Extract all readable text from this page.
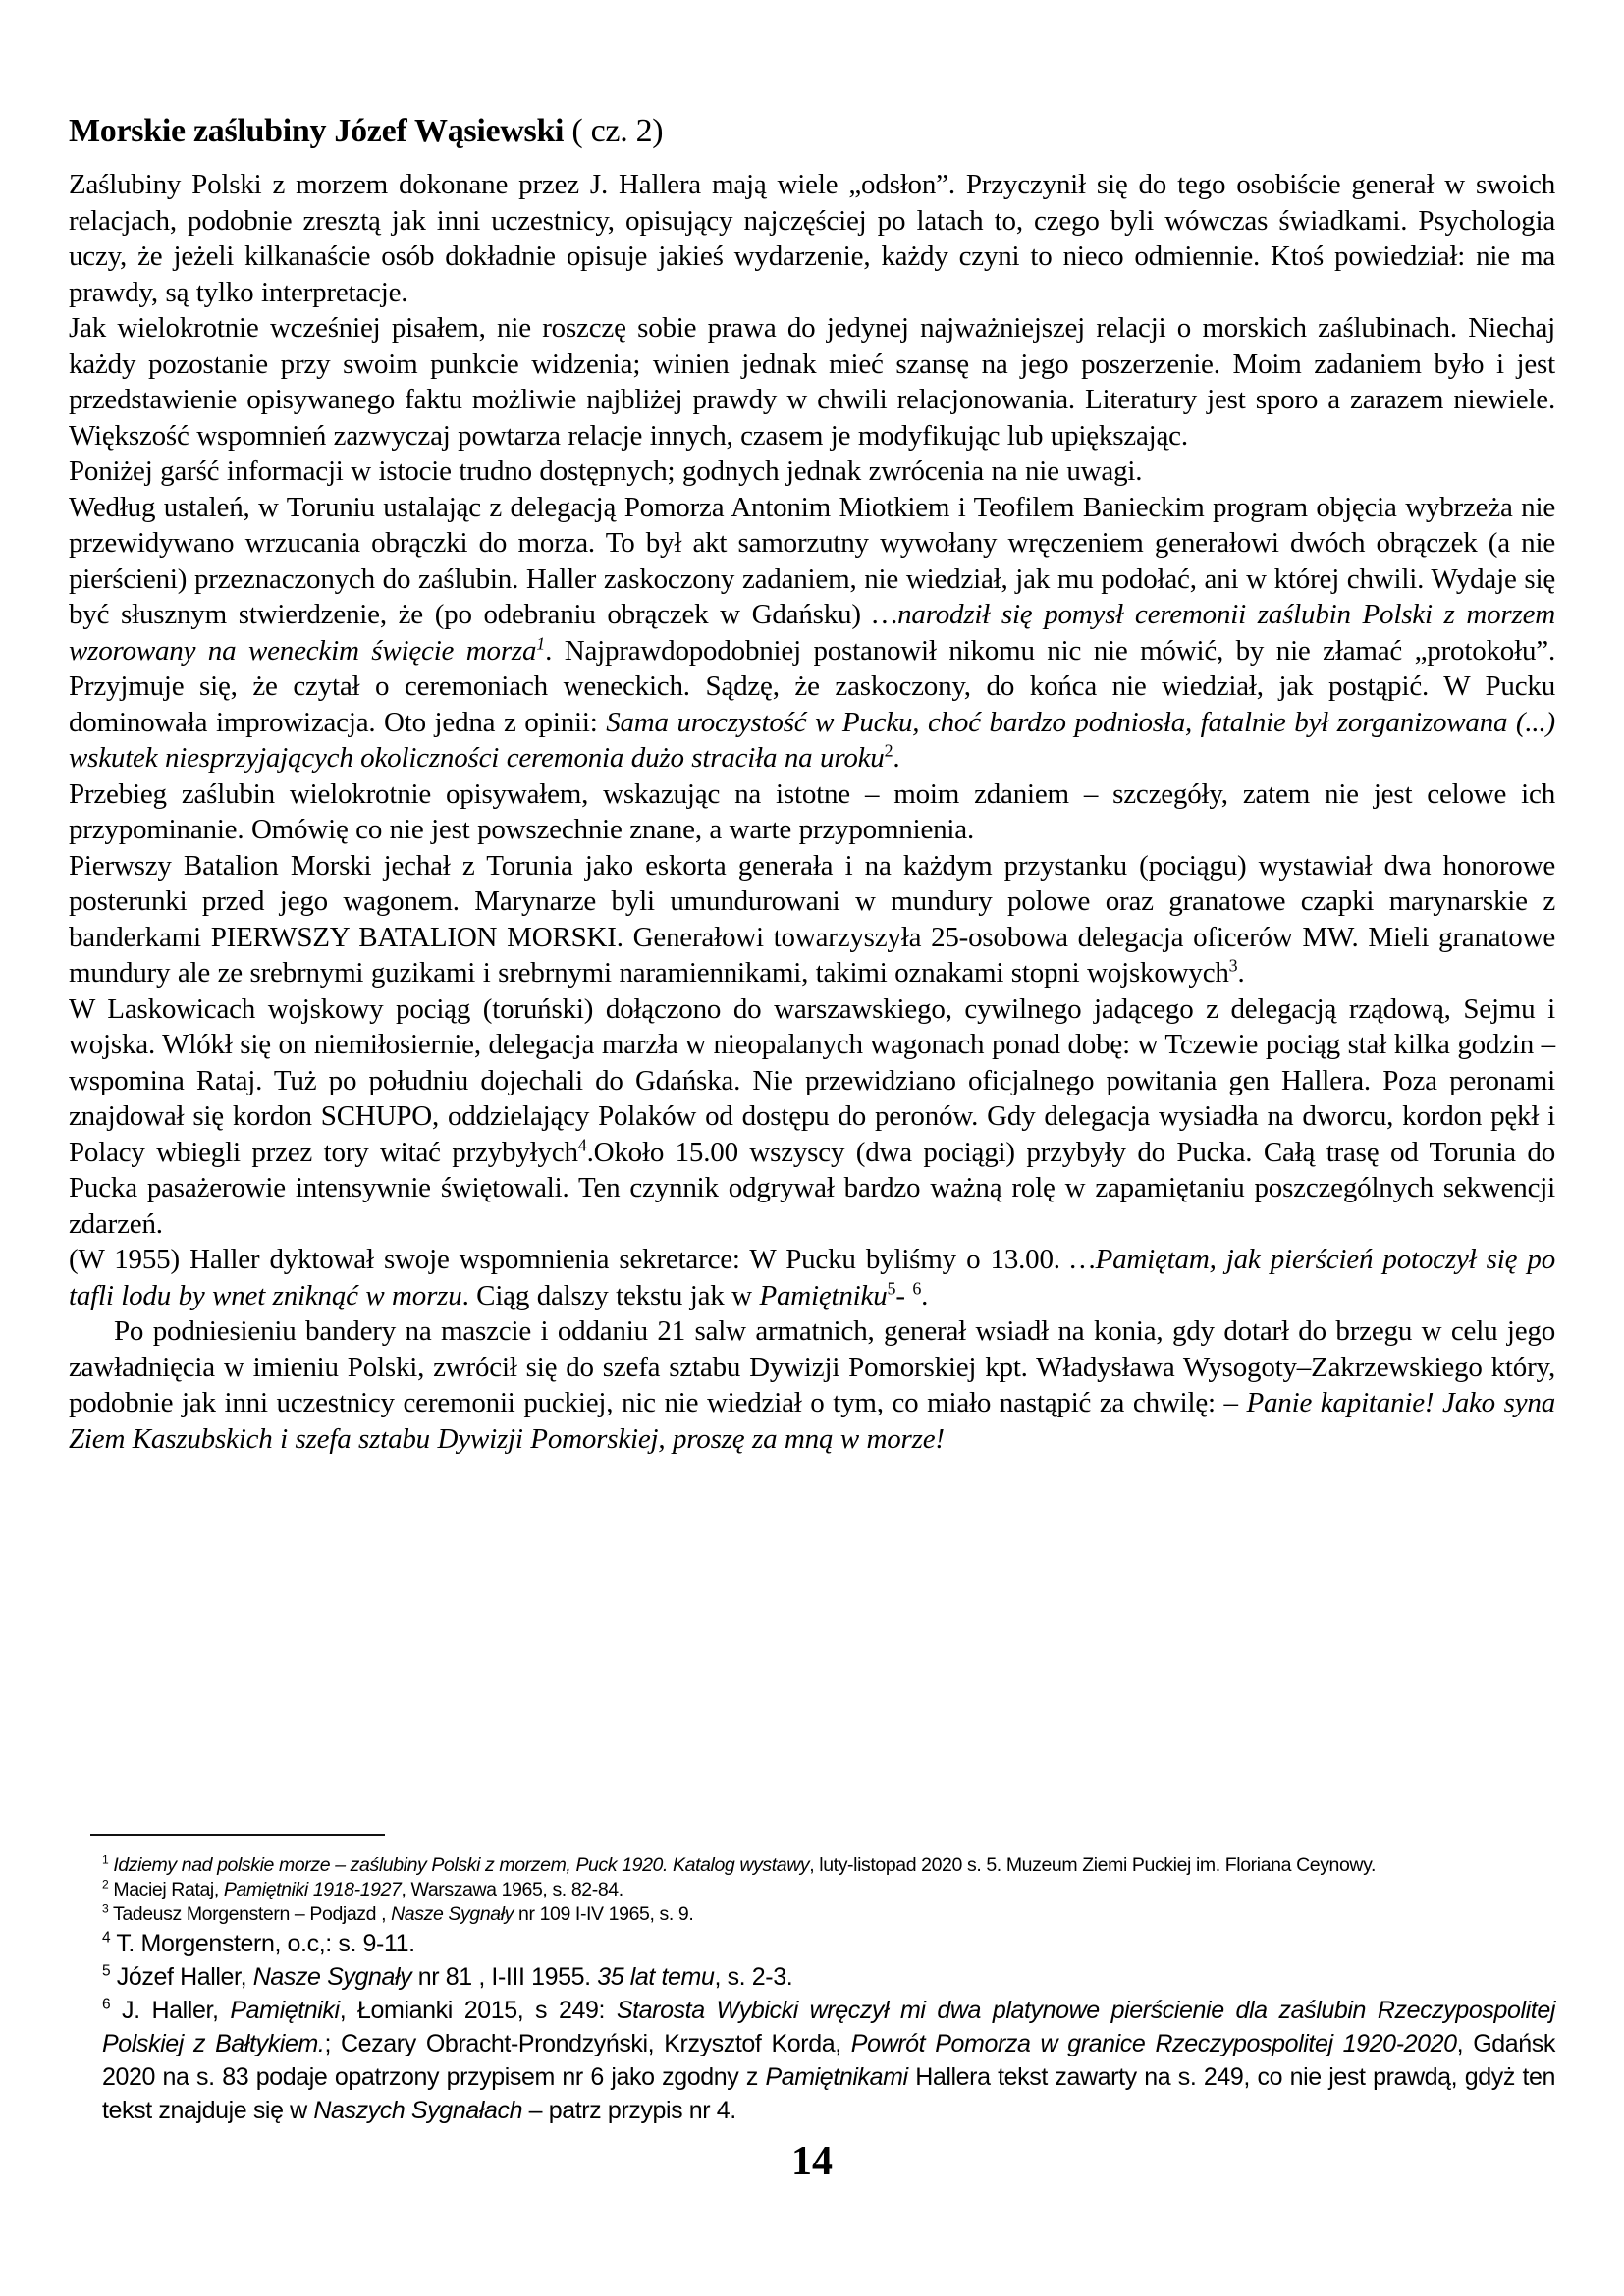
Morskie zaślubiny Józef Wąsiewski ( cz. 2)

Zaślubiny Polski z morzem dokonane przez J. Hallera mają wiele „odsłon”. Przyczynił się do tego osobiście generał w swoich relacjach, podobnie zresztą jak inni uczestnicy, opisujący najczęściej po latach to, czego byli wówczas świadkami. Psychologia uczy, że jeżeli kilkanaście osób dokładnie opisuje jakieś wydarzenie, każdy czyni to nieco odmiennie. Ktoś powiedział: nie ma prawdy, są tylko interpretacje.

Jak wielokrotnie wcześniej pisałem, nie roszczę sobie prawa do jedynej najważniejszej relacji o morskich zaślubinach. Niechaj każdy pozostanie przy swoim punkcie widzenia; winien jednak mieć szansę na jego poszerzenie. Moim zadaniem było i jest przedstawienie opisywanego faktu możliwie najbliżej prawdy w chwili relacjonowania. Literatury jest sporo a zarazem niewiele. Większość wspomnień zazwyczaj powtarza relacje innych, czasem je modyfikując lub upiększając.

Poniżej garść informacji w istocie trudno dostępnych; godnych jednak zwrócenia na nie uwagi.

Według ustaleń, w Toruniu ustalając z delegacją Pomorza Antonim Miotkiem i Teofilem Banieckim program objęcia wybrzeża nie przewidywano wrzucania obrączki do morza. To był akt samorzutny wywołany wręczeniem generałowi dwóch obrączek (a nie pierścieni) przeznaczonych do zaślubin. Haller zaskoczony zadaniem, nie wiedział, jak mu podołać, ani w której chwili. Wydaje się być słusznym stwierdzenie, że (po odebraniu obrączek w Gdańsku) …narodził się pomysł ceremonii zaślubin Polski z morzem wzorowany na weneckim święcie morza$^1$. Najprawdopodobniej postanowił nikomu nic nie mówić, by nie złamać „protokołu”. Przyjmuje się, że czytał o ceremoniach weneckich. Sądzę, że zaskoczony, do końca nie wiedział, jak postąpić. W Pucku dominowała improwizacja. Oto jedna z opinii: Sama uroczystość w Pucku, choć bardzo podniosła, fatalnie był zorganizowana (...) wskutek niesprzyjających okoliczności ceremonia dużo straciła na uroku$^2$.

Przebieg zaślubin wielokrotnie opisywałem, wskazując na istotne – moim zdaniem – szczegóły, zatem nie jest celowe ich przypominanie. Omówię co nie jest powszechnie znane, a warte przypomnienia.

Pierwszy Batalion Morski jechał z Torunia jako eskorta generała i na każdym przystanku (pociągu) wystawiał dwa honorowe posterunki przed jego wagonem. Marynarze byli umundurowani w mundury polowe oraz granatowe czapki marynarskie z banderkami PIERWSZY BATALION MORSKI. Generałowi towarzyszyła 25-osobowa delegacja oficerów MW. Mieli granatowe mundury ale ze srebrnymi guzikami i srebrnymi naramiennikami, takimi oznakami stopni wojskowych$^3$.

W Laskowicach wojskowy pociąg (toruński) dołączono do warszawskiego, cywilnego jadącego z delegacją rządową, Sejmu i wojska. Wlókł się on niemiłosiernie, delegacja marzła w nieopalanych wagonach ponad dobę: w Tczewie pociąg stał kilka godzin – wspomina Rataj. Tuż po południu dojechali do Gdańska. Nie przewidziano oficjalnego powitania gen Hallera. Poza peronami znajdował się kordon SCHUPO, oddzielający Polaków od dostępu do peronów. Gdy delegacja wysiadła na dworcu, kordon pękł i Polacy wbiegli przez tory witać przybyłych$^4$.Około 15.00 wszyscy (dwa pociągi) przybyły do Pucka. Całą trasę od Torunia do Pucka pasażerowie intensywnie świętowali. Ten czynnik odgrywał bardzo ważną rolę w zapamiętaniu poszczególnych sekwencji zdarzeń.

(W 1955) Haller dyktował swoje wspomnienia sekretarce: W Pucku byliśmy o 13.00. …Pamiętam, jak pierścień potoczył się po tafli lodu by wnet zniknąć w morzu. Ciąg dalszy tekstu jak w Pamiętniku$^5$- $^6$.

Po podniesieniu bandery na maszcie i oddaniu 21 salw armatnich, generał wsiadł na konia, gdy dotarł do brzegu w celu jego zawładnięcia w imieniu Polski, zwrócił się do szefa sztabu Dywizji Pomorskiej kpt. Władysława Wysogoty–Zakrzewskiego który, podobnie jak inni uczestnicy ceremonii puckiej, nic nie wiedział o tym, co miało nastąpić za chwilę: – Panie kapitanie! Jako syna Ziem Kaszubskich i szefa sztabu Dywizji Pomorskiej, proszę za mną w morze!

$^1$ Idziemy nad polskie morze – zaślubiny Polski z morzem, Puck 1920. Katalog wystawy, luty-listopad 2020 s. 5. Muzeum Ziemi Puckiej im. Floriana Ceynowy.
$^2$ Maciej Rataj, Pamiętniki 1918-1927, Warszawa 1965, s. 82-84.
$^3$ Tadeusz Morgenstern – Podjazd , Nasze Sygnały nr 109 I-IV 1965, s. 9.
$^4$ T. Morgenstern, o.c,: s. 9-11.
$^5$ Józef Haller, Nasze Sygnały nr 81 , I-III 1955. 35 lat temu, s. 2-3.
$^6$ J. Haller, Pamiętniki, Łomianki 2015, s 249: Starosta Wybicki wręczył mi dwa platynowe pierścienie dla zaślubin Rzeczypospolitej Polskiej z Bałtykiem.; Cezary Obracht-Prondzyński, Krzysztof Korda, Powrót Pomorza w granice Rzeczypospolitej 1920-2020, Gdańsk 2020 na s. 83 podaje opatrzony przypisem nr 6 jako zgodny z Pamiętnikami Hallera tekst zawarty na s. 249, co nie jest prawdą, gdyż ten tekst znajduje się w Naszych Sygnałach – patrz przypis nr 4.
14
